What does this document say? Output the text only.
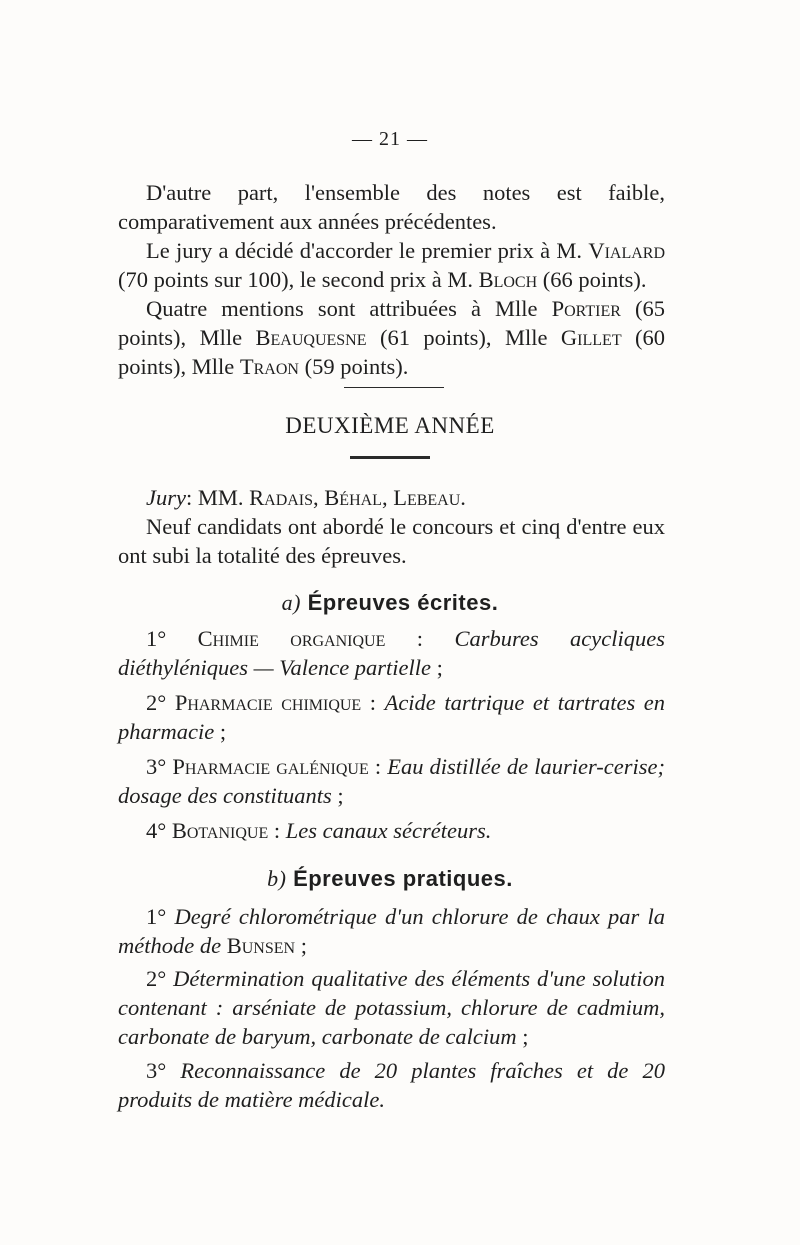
— 21 —

D'autre part, l'ensemble des notes est faible, comparativement aux années précédentes.

Le jury a décidé d'accorder le premier prix à M. Vialard (70 points sur 100), le second prix à M. Bloch (66 points).

Quatre mentions sont attribuées à Mlle Portier (65 points), Mlle Beauquesne (61 points), Mlle Gillet (60 points), Mlle Traon (59 points).

DEUXIÈME ANNÉE

Jury: MM. Radais, Béhal, Lebeau.

Neuf candidats ont abordé le concours et cinq d'entre eux ont subi la totalité des épreuves.

a) Épreuves écrites.

1° Chimie organique : Carbures acycliques diéthyléniques — Valence partielle ;

2° Pharmacie chimique : Acide tartrique et tartrates en pharmacie ;

3° Pharmacie galénique : Eau distillée de laurier-cerise; dosage des constituants ;

4° Botanique : Les canaux sécréteurs.

b) Épreuves pratiques.

1° Degré chlorométrique d'un chlorure de chaux par la méthode de Bunsen ;

2° Détermination qualitative des éléments d'une solution contenant : arséniate de potassium, chlorure de cadmium, carbonate de baryum, carbonate de calcium ;

3° Reconnaissance de 20 plantes fraîches et de 20 produits de matière médicale.
